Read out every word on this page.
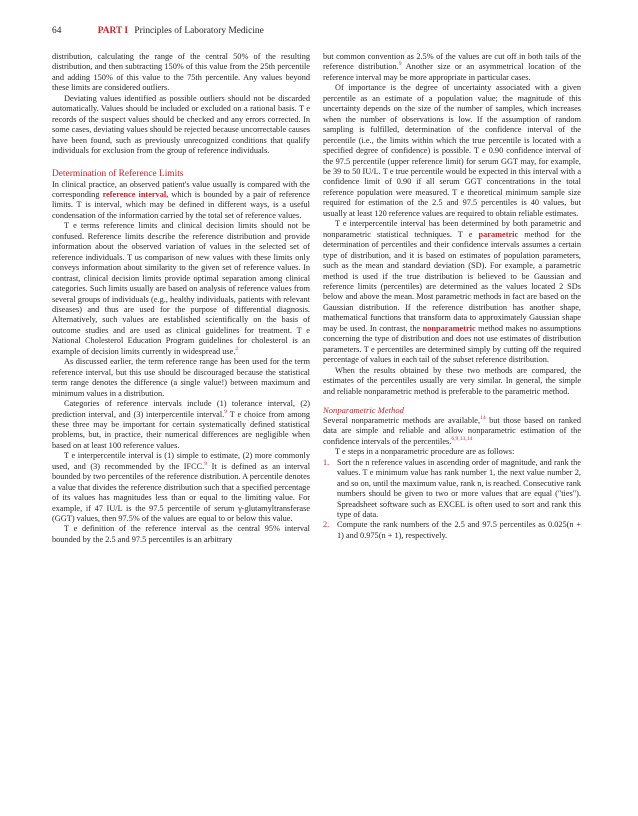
64	PART I Principles of Laboratory Medicine

distribution, calculating the range of the central 50% of the resulting distribution, and then subtracting 150% of this value from the 25th percentile and adding 150% of this value to the 75th percentile. Any values beyond these limits are considered outliers.

Deviating values identified as possible outliers should not be discarded automatically. Values should be included or excluded on a rational basis. T e records of the suspect values should be checked and any errors corrected. In some cases, deviating values should be rejected because uncorrectable causes have been found, such as previously unrecognized conditions that qualify individuals for exclusion from the group of reference individuals.

Determination of Reference Limits

In clinical practice, an observed patient's value usually is compared with the corresponding reference interval, which is bounded by a pair of reference limits. T is interval, which may be defined in different ways, is a useful condensation of the information carried by the total set of reference values.

T e terms reference limits and clinical decision limits should not be confused. Reference limits describe the reference distribution and provide information about the observed variation of values in the selected set of reference individuals. T us comparison of new values with these limits only conveys information about similarity to the given set of reference values. In contrast, clinical decision limits provide optimal separation among clinical categories. Such limits usually are based on analysis of reference values from several groups of individuals (e.g., healthy individuals, patients with relevant diseases) and thus are used for the purpose of differential diagnosis. Alternatively, such values are established scientifically on the basis of outcome studies and are used as clinical guidelines for treatment. T e National Cholesterol Education Program guidelines for cholesterol is an example of decision limits currently in widespread use.$^2$

As discussed earlier, the term reference range has been used for the term reference interval, but this use should be discouraged because the statistical term range denotes the difference (a single value!) between maximum and minimum values in a distribution.

Categories of reference intervals include (1) tolerance interval, (2) prediction interval, and (3) interpercentile interval.$^9$ T e choice from among these three may be important for certain systematically defined statistical problems, but, in practice, their numerical differences are negligible when based on at least 100 reference values.

T e interpercentile interval is (1) simple to estimate, (2) more commonly used, and (3) recommended by the IFCC.$^9$ It is defined as an interval bounded by two percentiles of the reference distribution. A percentile denotes a value that divides the reference distribution such that a specified percentage of its values has magnitudes less than or equal to the limiting value. For example, if 47 IU/L is the 97.5 percentile of serum γ-glutamyltransferase (GGT) values, then 97.5% of the values are equal to or below this value.

T e definition of the reference interval as the central 95% interval bounded by the 2.5 and 97.5 percentiles is an arbitrary

but common convention as 2.5% of the values are cut off in both tails of the reference distribution.$^9$ Another size or an asymmetrical location of the reference interval may be more appropriate in particular cases.

Of importance is the degree of uncertainty associated with a given percentile as an estimate of a population value; the magnitude of this uncertainty depends on the size of the number of samples, which increases when the number of observations is low. If the assumption of random sampling is fulfilled, determination of the confidence interval of the percentile (i.e., the limits within which the true percentile is located with a specified degree of confidence) is possible. T e 0.90 confidence interval of the 97.5 percentile (upper reference limit) for serum GGT may, for example, be 39 to 50 IU/L. T e true percentile would be expected in this interval with a confidence limit of 0.90 if all serum GGT concentrations in the total reference population were measured. T e theoretical minimum sample size required for estimation of the 2.5 and 97.5 percentiles is 40 values, but usually at least 120 reference values are required to obtain reliable estimates.

T e interpercentile interval has been determined by both parametric and nonparametric statistical techniques. T e parametric method for the determination of percentiles and their confidence intervals assumes a certain type of distribution, and it is based on estimates of population parameters, such as the mean and standard deviation (SD). For example, a parametric method is used if the true distribution is believed to be Gaussian and reference limits (percentiles) are determined as the values located 2 SDs below and above the mean. Most parametric methods in fact are based on the Gaussian distribution. If the reference distribution has another shape, mathematical functions that transform data to approximately Gaussian shape may be used. In contrast, the nonparametric method makes no assumptions concerning the type of distribution and does not use estimates of distribution parameters. T e percentiles are determined simply by cutting off the required percentage of values in each tail of the subset reference distribution.

When the results obtained by these two methods are compared, the estimates of the percentiles usually are very similar. In general, the simple and reliable nonparametric method is preferable to the parametric method.

Nonparametric Method

Several nonparametric methods are available,$^{14}$ but those based on ranked data are simple and reliable and allow nonparametric estimation of the confidence intervals of the percentiles.$^{6,9,13,14}$

T e steps in a nonparametric procedure are as follows:

1. Sort the n reference values in ascending order of magnitude, and rank the values. T e minimum value has rank number 1, the next value number 2, and so on, until the maximum value, rank n, is reached. Consecutive rank numbers should be given to two or more values that are equal ("ties"). Spreadsheet software such as EXCEL is often used to sort and rank this type of data.
2. Compute the rank numbers of the 2.5 and 97.5 percentiles as 0.025(n + 1) and 0.975(n + 1), respectively.
